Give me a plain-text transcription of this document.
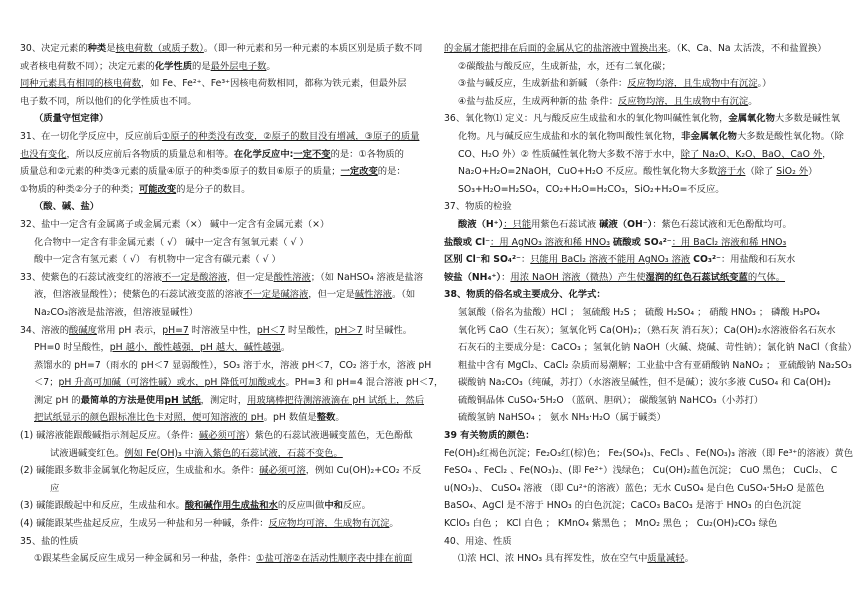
30、决定元素的种类是核电荷数（或质子数）。（即一种元素和另一种元素的本质区别是质子数不同
或者核电荷数不同）；决定元素的化学性质的是最外层电子数。
同种元素具有相同的核电荷数，如 Fe、Fe²⁺、Fe³⁺因核电荷数相同，都称为铁元素，但最外层
电子数不同，所以他们的化学性质也不同。
（质量守恒定律）
31、在一切化学反应中，反应前后①原子的种类没有改变，②原子的数目没有增减，③原子的质量
也没有变化，所以反应前后各物质的质量总和相等。在化学反应中:一定不变的是：①各物质的
质量总和②元素的种类③元素的质量④原子的种类⑤原子的数目⑥原子的质量；一定改变的是：
①物质的种类②分子的种类；可能改变的是分子的数目。
（酸、碱、盐）
32、盐中一定含有金属离子或金属元素（×） 碱中一定含有金属元素（×）
化合物中一定含有非金属元素（ √） 碱中一定含有氢氧元素（ √ ）
酸中一定含有氢元素（ √） 有机物中一定含有碳元素（ √ ）
33、使紫色的石蕊试液变红的溶液不一定是酸溶液，但一定是酸性溶液；（如 NaHSO₄ 溶液是盐溶
液，但溶液显酸性）；使紫色的石蕊试液变蓝的溶液不一定是碱溶液，但一定是碱性溶液。（如
Na₂CO₃溶液是盐溶液，但溶液显碱性）
34、溶液的酸碱度常用 pH 表示，pH=7 时溶液呈中性，pH＜7 时呈酸性，pH＞7 时呈碱性。
PH=0 时呈酸性，pH 越小，酸性越强，pH 越大，碱性越强。
蒸馏水的 pH=7（雨水的 pH＜7 显弱酸性），SO₃ 溶于水，溶液 pH＜7，CO₂ 溶于水，溶液 pH
＜7；pH 升高可加碱（可溶性碱）或水，pH 降低可加酸或水。PH=3 和 pH=4 混合溶液 pH＜7，
测定 pH 的最简单的方法是使用pH 试纸，测定时，用玻璃棒把待测溶液滴在 pH 试纸上，然后
把试纸显示的颜色跟标准比色卡对照，便可知溶液的 pH。pH 数值是整数。
(1) 碱溶液能跟酸碱指示剂起反应。（条件：碱必须可溶）紫色的石蕊试液遇碱变蓝色，无色酚酞
试液遇碱变红色。例如 Fe(OH)₃ 中滴入紫色的石蕊试液，石蕊不变色。
(2) 碱能跟多数非金属氧化物起反应，生成盐和水。条件：碱必须可溶，例如 Cu(OH)₂+CO₂ 不反
应
(3) 碱能跟酸起中和反应，生成盐和水。酸和碱作用生成盐和水的反应叫做中和反应。
(4) 碱能跟某些盐起反应，生成另一种盐和另一种碱，条件：反应物均可溶，生成物有沉淀。
35、盐的性质
①跟某些金属反应生成另一种金属和另一种盐，条件：①盐可溶②在活动性顺序表中排在前面
的金属才能把排在后面的金属从它的盐溶液中置换出来。（K、Ca、Na 太活泼，不和盐置换）
②碳酸盐与酸反应，生成新盐，水，还有二氧化碳；
③盐与碱反应，生成新盐和新碱 （条件：反应物均溶，且生成物中有沉淀。）
④盐与盐反应，生成两种新的盐 条件：反应物均溶，且生成物中有沉淀。
36、氧化物⑴ 定义：凡与酸反应生成盐和水的氧化物叫碱性氧化物，金属氧化物大多数是碱性氧
化物。凡与碱反应生成盐和水的氧化物叫酸性氧化物，非金属氧化物大多数是酸性氧化物。（除
CO、H₂O 外）② 性质碱性氧化物大多数不溶于水中，除了 Na₂O、K₂O、BaO、CaO 外，
Na₂O+H₂O=2NaOH，CuO+H₂O 不反应。酸性氧化物大多数溶于水（除了 SiO₂ 外）
SO₃+H₂O=H₂SO₄，CO₂+H₂O=H₂CO₃，SiO₂+H₂O=不反应。
37、物质的检验
酸液（H⁺）：只能用紫色石蕊试液 碱液（OH⁻）：紫色石蕊试液和无色酚酞均可。
盐酸或 Cl⁻：用 AgNO₃ 溶液和稀 HNO₃ 硫酸或 SO₄²⁻：用 BaCl₂ 溶液和稀 HNO₃
区别 Cl⁻和 SO₄²⁻：只能用 BaCl₂ 溶液不能用 AgNO₃ 溶液 CO₃²⁻：用盐酸和石灰水
铵盐（NH₄⁺）：用浓 NaOH 溶液（微热）产生使湿润的红色石蕊试纸变蓝的气体。
38、物质的俗名或主要成分、化学式：
氢氯酸（俗名为盐酸）HCl ； 氢硫酸 H₂S ； 硫酸 H₂SO₄ ； 硝酸 HNO₃ ； 磷酸 H₃PO₄
氧化钙 CaO（生石灰）；氢氧化钙 Ca(OH)₂；（熟石灰 消石灰）；Ca(OH)₂水溶液俗名石灰水
石灰石的主要成分是：CaCO₃ ；氢氧化钠 NaOH（火碱、烧碱、苛性钠）；氯化钠 NaCl（食盐）
粗盐中含有 MgCl₂、CaCl₂ 杂质而易潮解；工业盐中含有亚硝酸钠 NaNO₂ ； 亚硫酸钠 Na₂SO₃
碳酸钠 Na₂CO₃（纯碱，苏打）（水溶液呈碱性，但不是碱）；波尔多液 CuSO₄ 和 Ca(OH)₂
硫酸铜晶体 CuSO₄·5H₂O （蓝矾、胆矾）； 碳酸氢钠 NaHCO₃（小苏打）
硫酸氢钠 NaHSO₄ ； 氨水 NH₃·H₂O（属于碱类）
39 有关物质的颜色：
Fe(OH)₃红褐色沉淀；Fe₂O₃红(棕)色； Fe₂(SO₄)₃、FeCl₃ 、Fe(NO₃)₃ 溶液（即 Fe³⁺的溶液）黄色
FeSO₄ 、FeCl₂ 、Fe(NO₃)₂、(即 Fe²⁺）浅绿色； Cu(OH)₂蓝色沉淀； CuO 黑色； CuCl₂、 C
u(NO₃)₂、 CuSO₄ 溶液 （即 Cu²⁺的溶液）蓝色；无水 CuSO₄ 是白色 CuSO₄·5H₂O 是蓝色
BaSO₄、AgCl 是不溶于 HNO₃ 的白色沉淀；CaCO₃ BaCO₃ 是溶于 HNO₃ 的白色沉淀
KClO₃ 白色 ； KCl 白色 ； KMnO₄ 紫黑色 ； MnO₂ 黑色 ； Cu₂(OH)₂CO₃ 绿色
40、用途、性质
⑴浓 HCl、浓 HNO₃ 具有挥发性，放在空气中质量减轻。
